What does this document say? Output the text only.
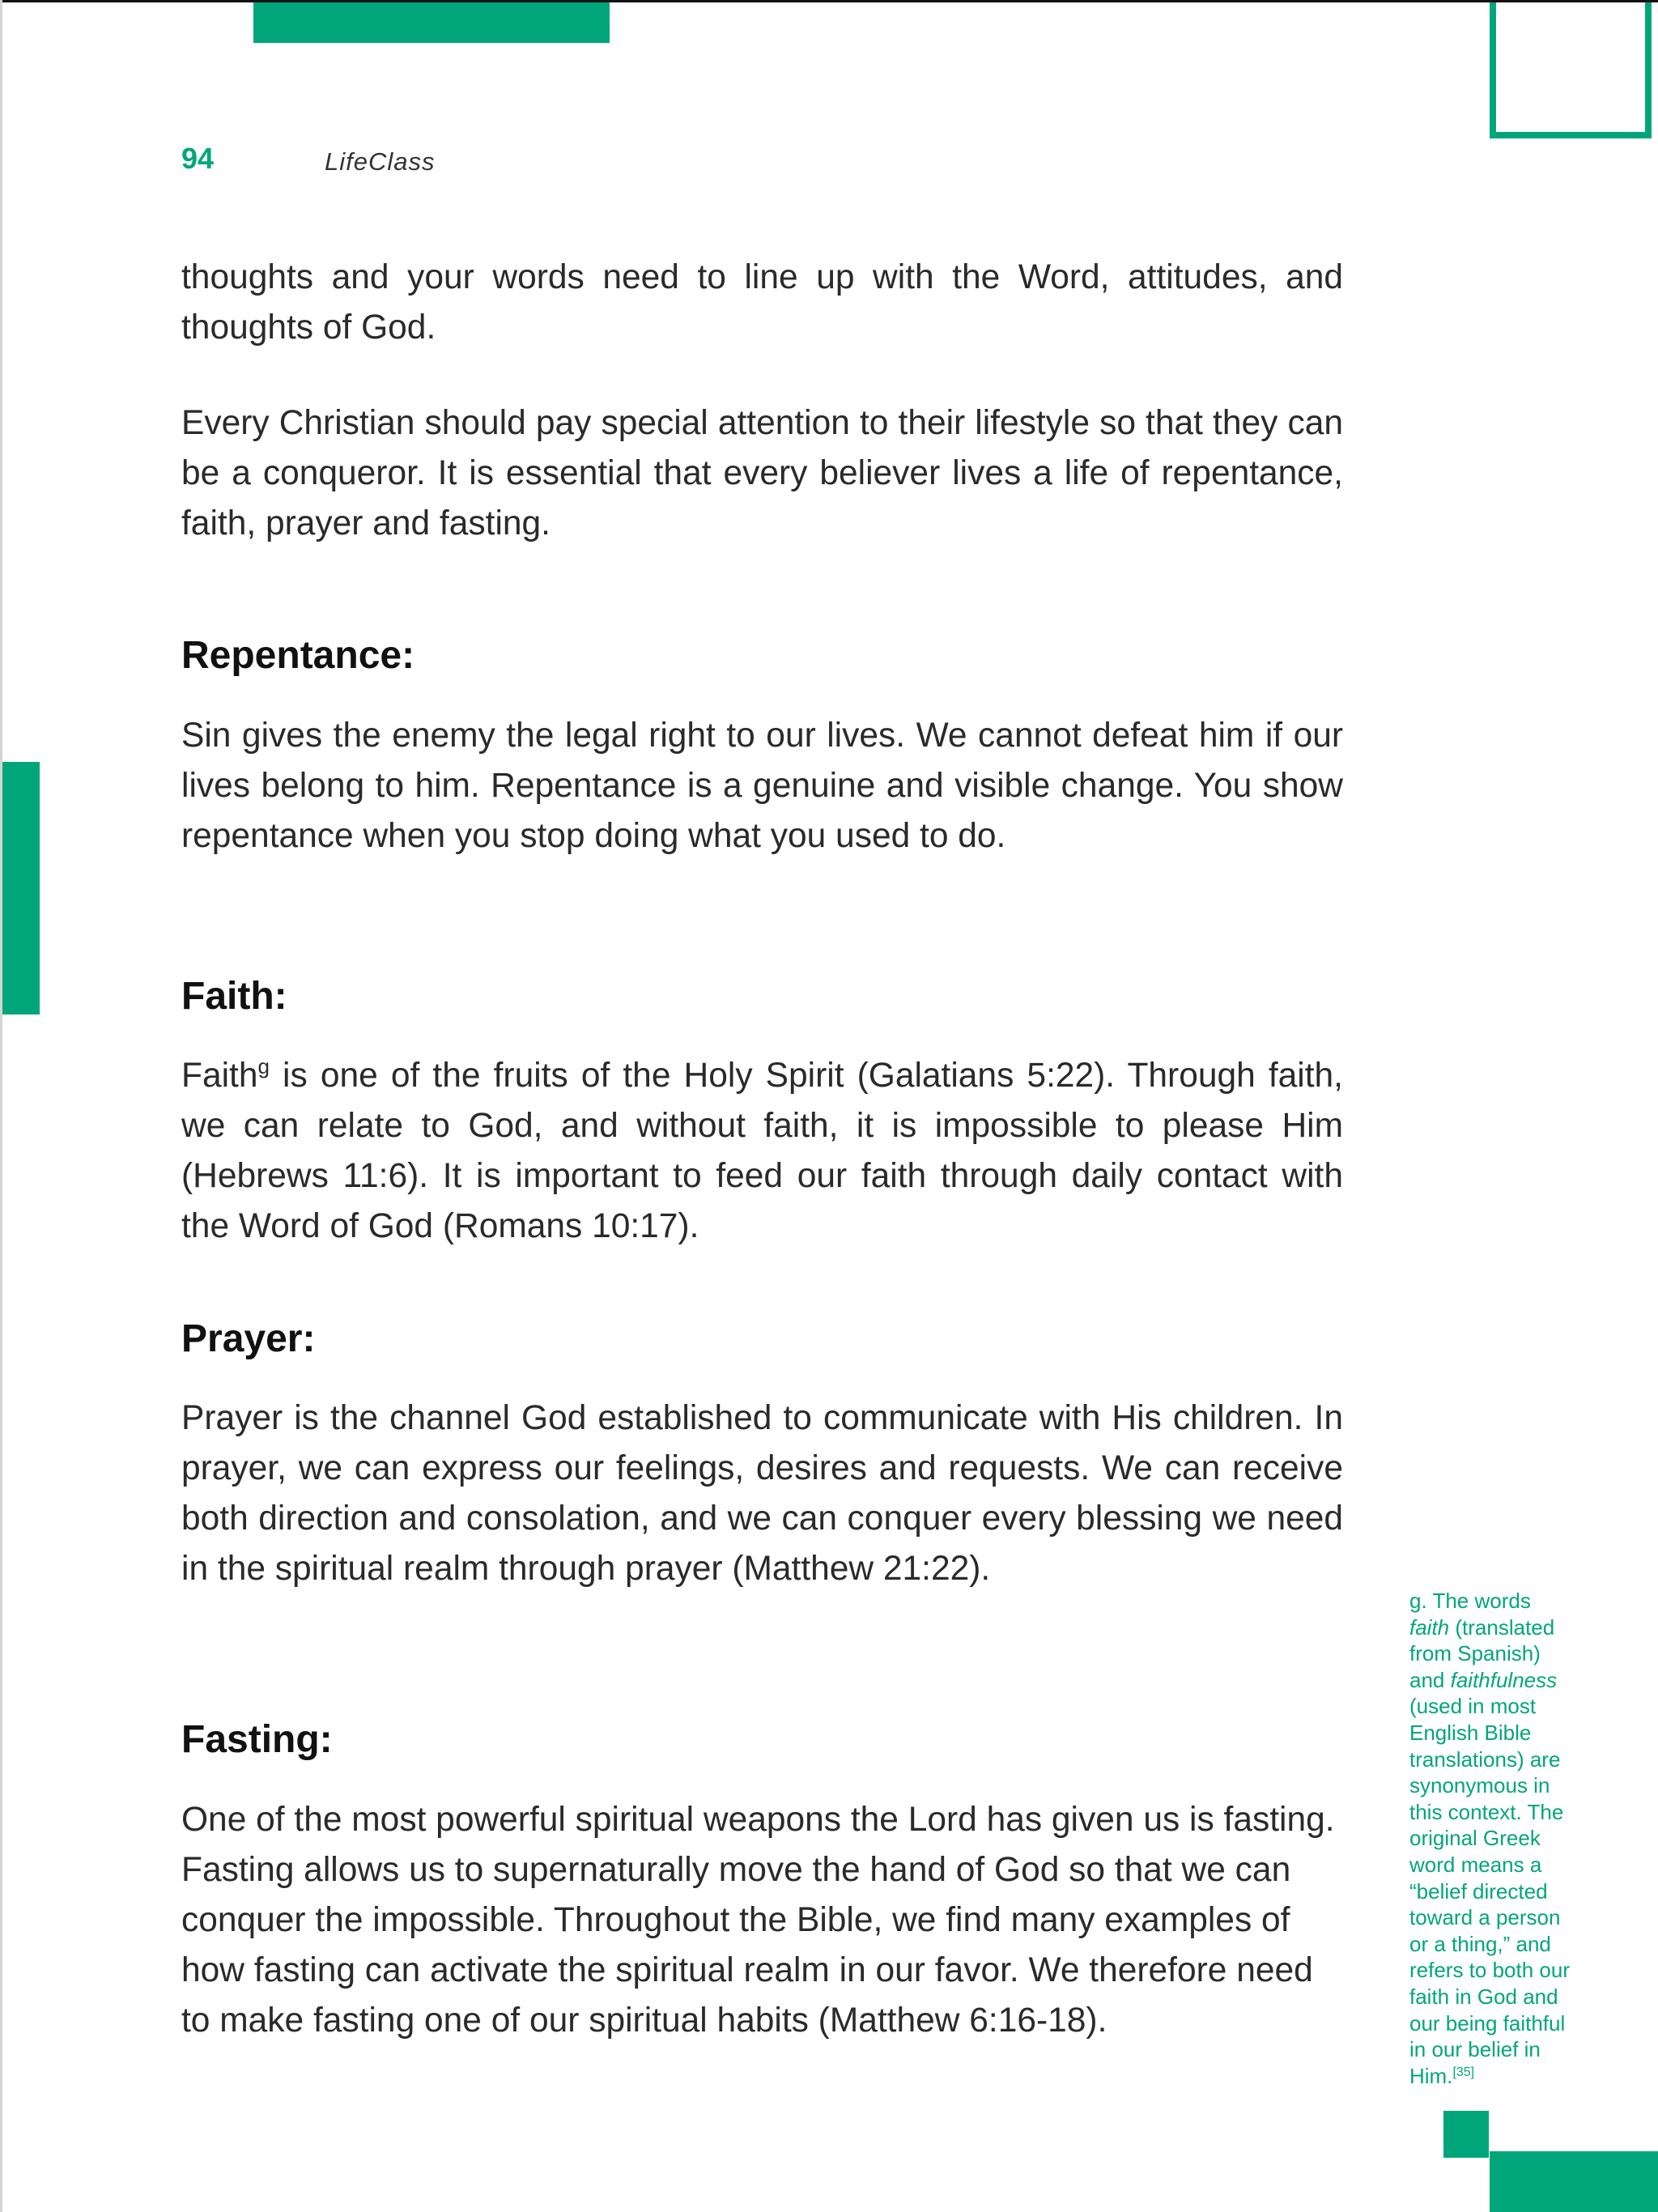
94	LifeClass

thoughts and your words need to line up with the Word, attitudes, and thoughts of God.

Every Christian should pay special attention to their lifestyle so that they can be a conqueror. It is essential that every believer lives a life of repentance, faith, prayer and fasting.

Repentance:

Sin gives the enemy the legal right to our lives. We cannot defeat him if our lives belong to him. Repentance is a genuine and visible change. You show repentance when you stop doing what you used to do.

Faith:

Faith$^g$ is one of the fruits of the Holy Spirit (Galatians 5:22). Through faith, we can relate to God, and without faith, it is impossible to please Him (Hebrews 11:6). It is important to feed our faith through daily contact with the Word of God (Romans 10:17).

Prayer:

Prayer is the channel God established to communicate with His children. In prayer, we can express our feelings, desires and requests. We can receive both direction and consolation, and we can conquer every blessing we need in the spiritual realm through prayer (Matthew 21:22).

Fasting:

One of the most powerful spiritual weapons the Lord has given us is fasting. Fasting allows us to supernaturally move the hand of God so that we can conquer the impossible. Throughout the Bible, we find many examples of how fasting can activate the spiritual realm in our favor. We therefore need to make fasting one of our spiritual habits (Matthew 6:16-18).

g. The words
faith (translated
from Spanish)
and faithfulness
(used in most
English Bible
translations) are
synonymous in
this context. The
original Greek
word means a
“belief directed
toward a person
or a thing,” and
refers to both our
faith in God and
our being faithful
in our belief in
Him.[35]
